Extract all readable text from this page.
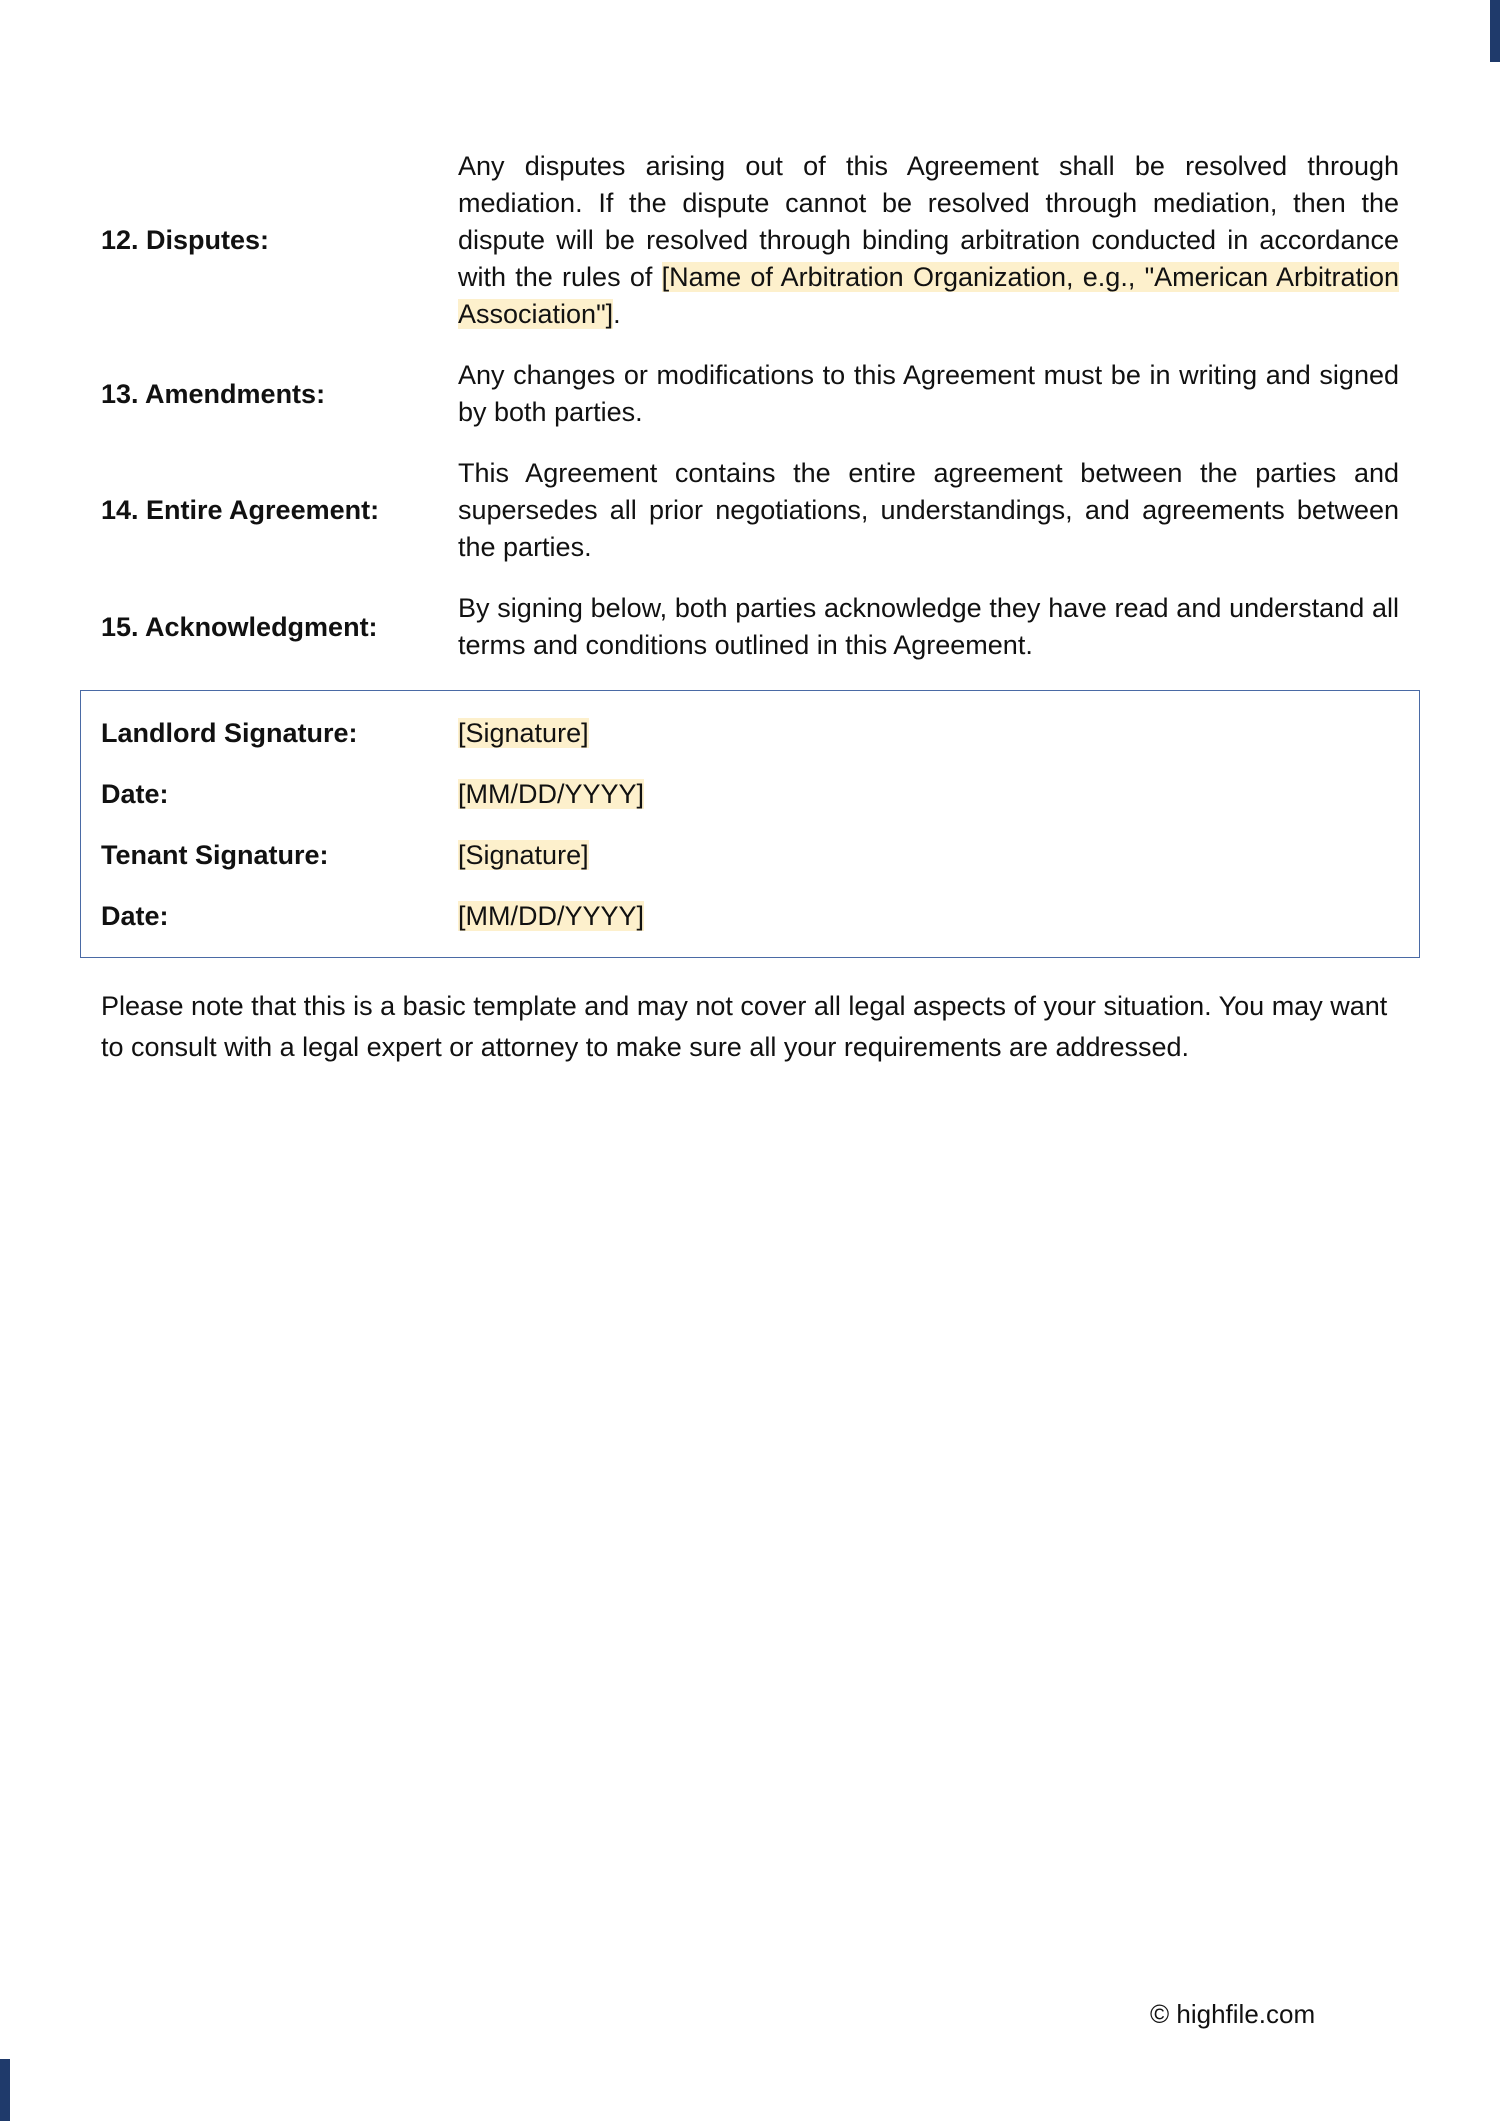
12. Disputes:
Any disputes arising out of this Agreement shall be resolved through mediation. If the dispute cannot be resolved through mediation, then the dispute will be resolved through binding arbitration conducted in accordance with the rules of [Name of Arbitration Organization, e.g., "American Arbitration Association"].
13. Amendments:
Any changes or modifications to this Agreement must be in writing and signed by both parties.
14. Entire Agreement:
This Agreement contains the entire agreement between the parties and supersedes all prior negotiations, understandings, and agreements between the parties.
15. Acknowledgment:
By signing below, both parties acknowledge they have read and understand all terms and conditions outlined in this Agreement.
Landlord Signature:	[Signature]
Date:	[MM/DD/YYYY]
Tenant Signature:	[Signature]
Date:	[MM/DD/YYYY]
Please note that this is a basic template and may not cover all legal aspects of your situation. You may want to consult with a legal expert or attorney to make sure all your requirements are addressed.
© highfile.com
